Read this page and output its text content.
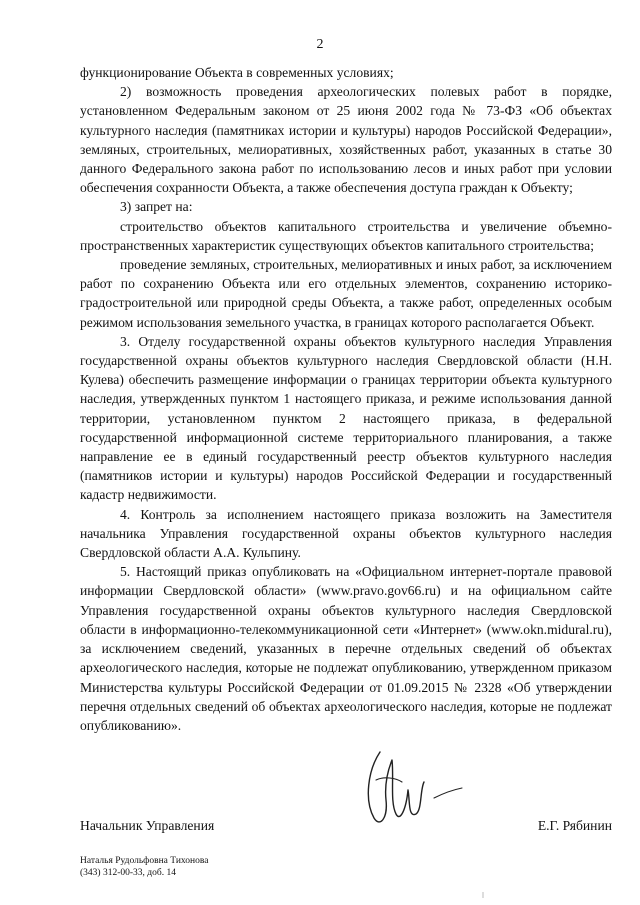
2

функционирование Объекта в современных условиях;

2) возможность проведения археологических полевых работ в порядке, установленном Федеральным законом от 25 июня 2002 года № 73-ФЗ «Об объектах культурного наследия (памятниках истории и культуры) народов Российской Федерации», земляных, строительных, мелиоративных, хозяйственных работ, указанных в статье 30 данного Федерального закона работ по использованию лесов и иных работ при условии обеспечения сохранности Объекта, а также обеспечения доступа граждан к Объекту;

3) запрет на:

строительство объектов капитального строительства и увеличение объемно-пространственных характеристик существующих объектов капитального строительства;

проведение земляных, строительных, мелиоративных и иных работ, за исключением работ по сохранению Объекта или его отдельных элементов, сохранению историко-градостроительной или природной среды Объекта, а также работ, определенных особым режимом использования земельного участка, в границах которого располагается Объект.

3. Отделу государственной охраны объектов культурного наследия Управления государственной охраны объектов культурного наследия Свердловской области (Н.Н. Кулева) обеспечить размещение информации о границах территории объекта культурного наследия, утвержденных пунктом 1 настоящего приказа, и режиме использования данной территории, установленном пунктом 2 настоящего приказа, в федеральной государственной информационной системе территориального планирования, а также направление ее в единый государственный реестр объектов культурного наследия (памятников истории и культуры) народов Российской Федерации и государственный кадастр недвижимости.

4. Контроль за исполнением настоящего приказа возложить на Заместителя начальника Управления государственной охраны объектов культурного наследия Свердловской области А.А. Кульпину.

5. Настоящий приказ опубликовать на «Официальном интернет-портале правовой информации Свердловской области» (www.pravo.gov66.ru) и на официальном сайте Управления государственной охраны объектов культурного наследия Свердловской области в информационно-телекоммуникационной сети «Интернет» (www.okn.midural.ru), за исключением сведений, указанных в перечне отдельных сведений об объектах археологического наследия, которые не подлежат опубликованию, утвержденном приказом Министерства культуры Российской Федерации от 01.09.2015 № 2328 «Об утверждении перечня отдельных сведений об объектах археологического наследия, которые не подлежат опубликованию».

Начальник Управления	Е.Г. Рябинин
Наталья Рудольфовна Тихонова
(343) 312-00-33, доб. 14
